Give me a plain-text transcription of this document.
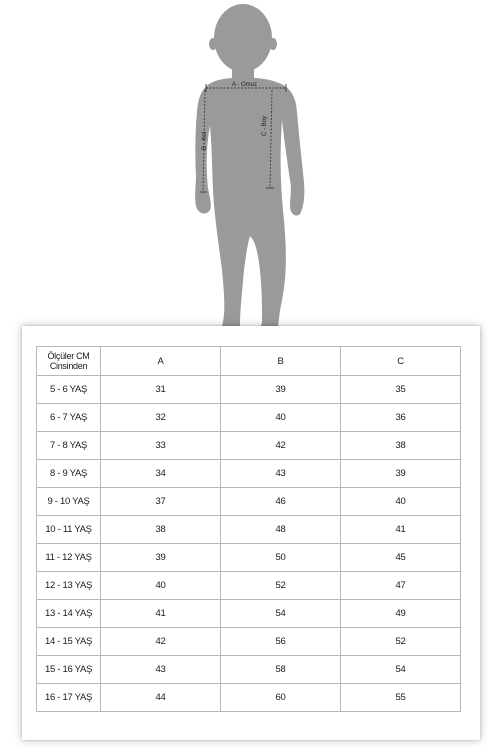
A - Omuz
B - Kol
C - Boy
Ölçüler CM
Cinsinden	A	B	C
5 - 6 YAŞ	31	39	35
6 - 7 YAŞ	32	40	36
7 - 8 YAŞ	33	42	38
8 - 9 YAŞ	34	43	39
9 - 10 YAŞ	37	46	40
10 - 11 YAŞ	38	48	41
11 - 12 YAŞ	39	50	45
12 - 13 YAŞ	40	52	47
13 - 14 YAŞ	41	54	49
14 - 15 YAŞ	42	56	52
15 - 16 YAŞ	43	58	54
16 - 17 YAŞ	44	60	55
